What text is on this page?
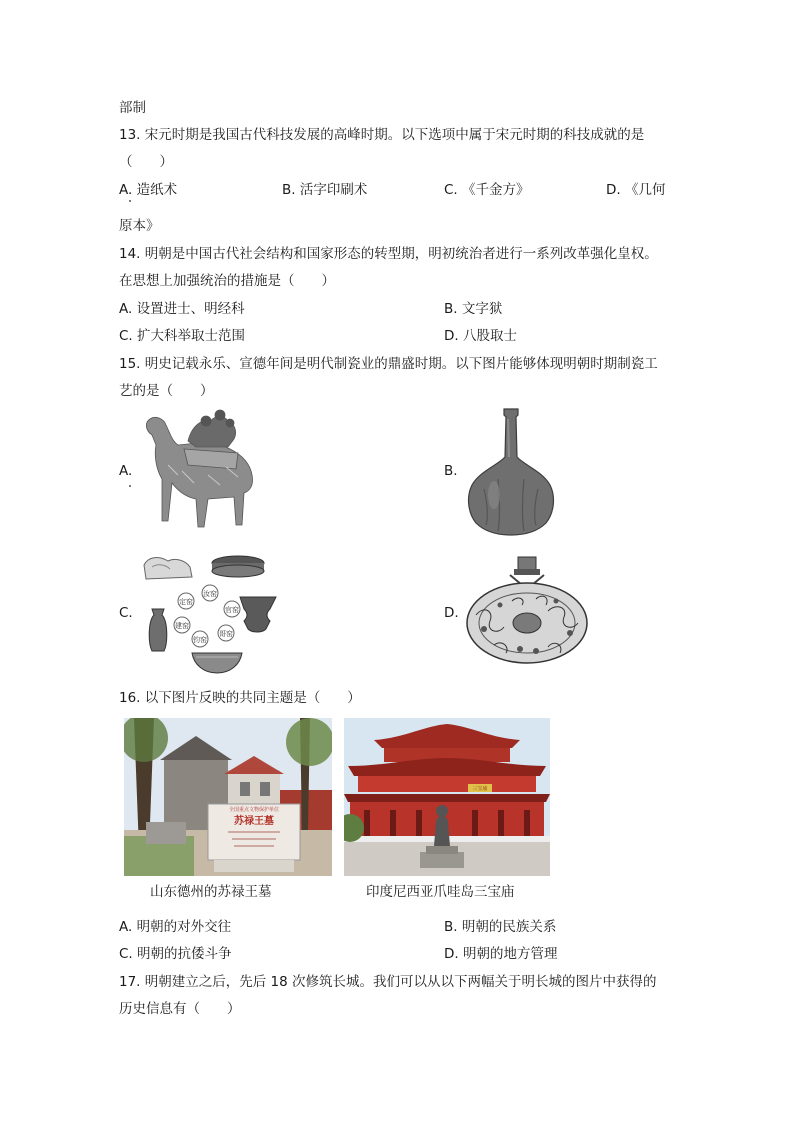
部制
13. 宋元时期是我国古代科技发展的高峰时期。以下选项中属于宋元时期的科技成就的是
（　　）
A. 造纸术	B. 活字印刷术	C. 《千金方》	D. 《几何
原本》
14. 明朝是中国古代社会结构和国家形态的转型期，明初统治者进行一系列改革强化皇权。
在思想上加强统治的措施是（　　）
A. 设置进士、明经科	B. 文字狱
C. 扩大科举取士范围	D. 八股取士
15. 明史记载永乐、宣德年间是明代制瓷业的鼎盛时期。以下图片能够体现明朝时期制瓷工
艺的是（　　）
A.	B.
C.
定窑
汝窑
官窑
哥窑
钧窑
建窑
D.
16. 以下图片反映的共同主题是（　　）
全国重点文物保护单位
苏禄王墓
三宝庙
山东德州的苏禄王墓	印度尼西亚爪哇岛三宝庙
A. 明朝的对外交往	B. 明朝的民族关系
C. 明朝的抗倭斗争	D. 明朝的地方管理
17. 明朝建立之后，先后 18 次修筑长城。我们可以从以下两幅关于明长城的图片中获得的
历史信息有（　　）
